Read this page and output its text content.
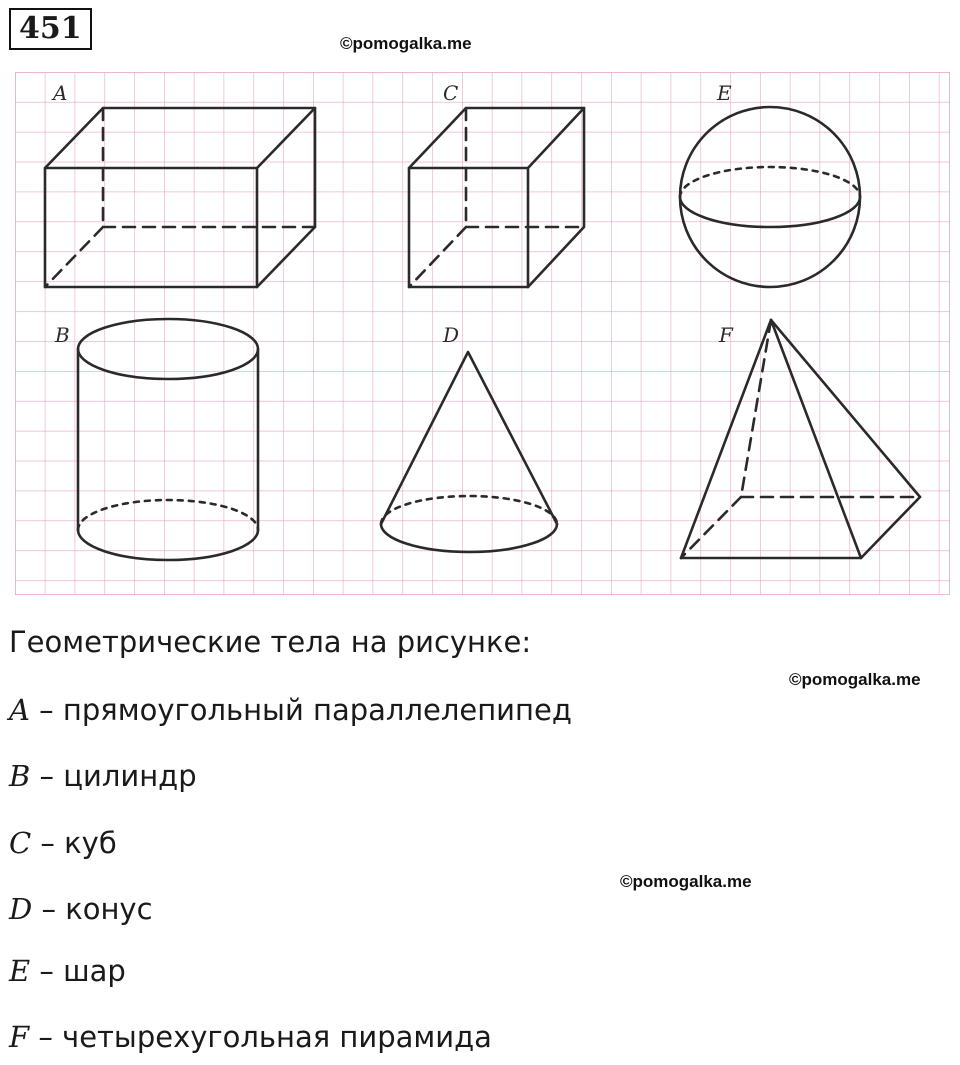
451	©pomogalka.me
A	C	E
B	D	F
Геометрические тела на рисунке:
©pomogalka.me
A – прямоугольный параллелепипед
B – цилиндр
C – куб
©pomogalka.me
D – конус
E – шар
F – четырехугольная пирамида
